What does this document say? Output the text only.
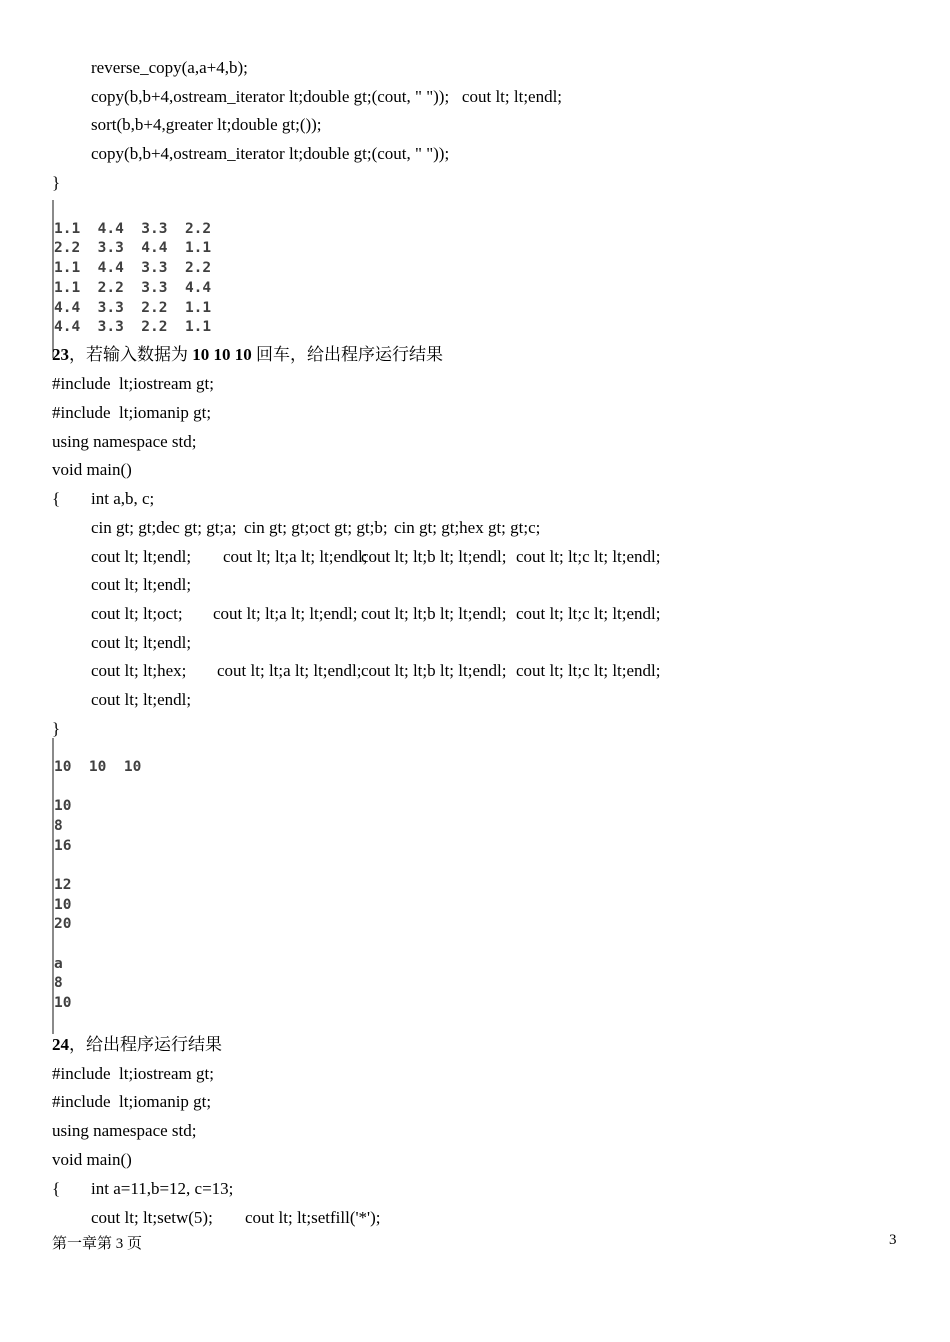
reverse_copy(a,a+4,b);
copy(b,b+4,ostream_iterator lt;double gt;(cout, " "));   cout lt; lt;endl;
sort(b,b+4,greater lt;double gt;());
copy(b,b+4,ostream_iterator lt;double gt;(cout, " "));
}

1.1  4.4  3.3  2.2
2.2  3.3  4.4  1.1
1.1  4.4  3.3  2.2
1.1  2.2  3.3  4.4
4.4  3.3  2.2  1.1
4.4  3.3  2.2  1.1

23，若输入数据为 10 10 10 回车，给出程序运行结果
#include  lt;iostream gt;
#include  lt;iomanip gt;
using namespace std;
void main()
{ int a,b, c;
cin gt; gt;dec gt; gt;a; cin gt; gt;oct gt; gt;b; cin gt; gt;hex gt; gt;c;
cout lt; lt;endl; cout lt; lt;a lt; lt;endl;
cout lt; lt;b lt; lt;endl; cout lt; lt;c lt; lt;endl;
cout lt; lt;endl;
cout lt; lt;oct; cout lt; lt;a lt; lt;endl; cout lt; lt;b lt; lt;endl; cout lt; lt;c lt; lt;endl;
cout lt; lt;endl;
cout lt; lt;hex; cout lt; lt;a lt; lt;endl; cout lt; lt;b lt; lt;endl; cout lt; lt;c lt; lt;endl;
cout lt; lt;endl;
}

10  10  10
10
8
16
12
10
20
a
8
10

24，给出程序运行结果
#include  lt;iostream gt;
#include  lt;iomanip gt;
using namespace std;
void main()
{ int a=11,b=12, c=13;
cout lt; lt;setw(5); cout lt; lt;setfill('*');
第一章第 3 页	3
